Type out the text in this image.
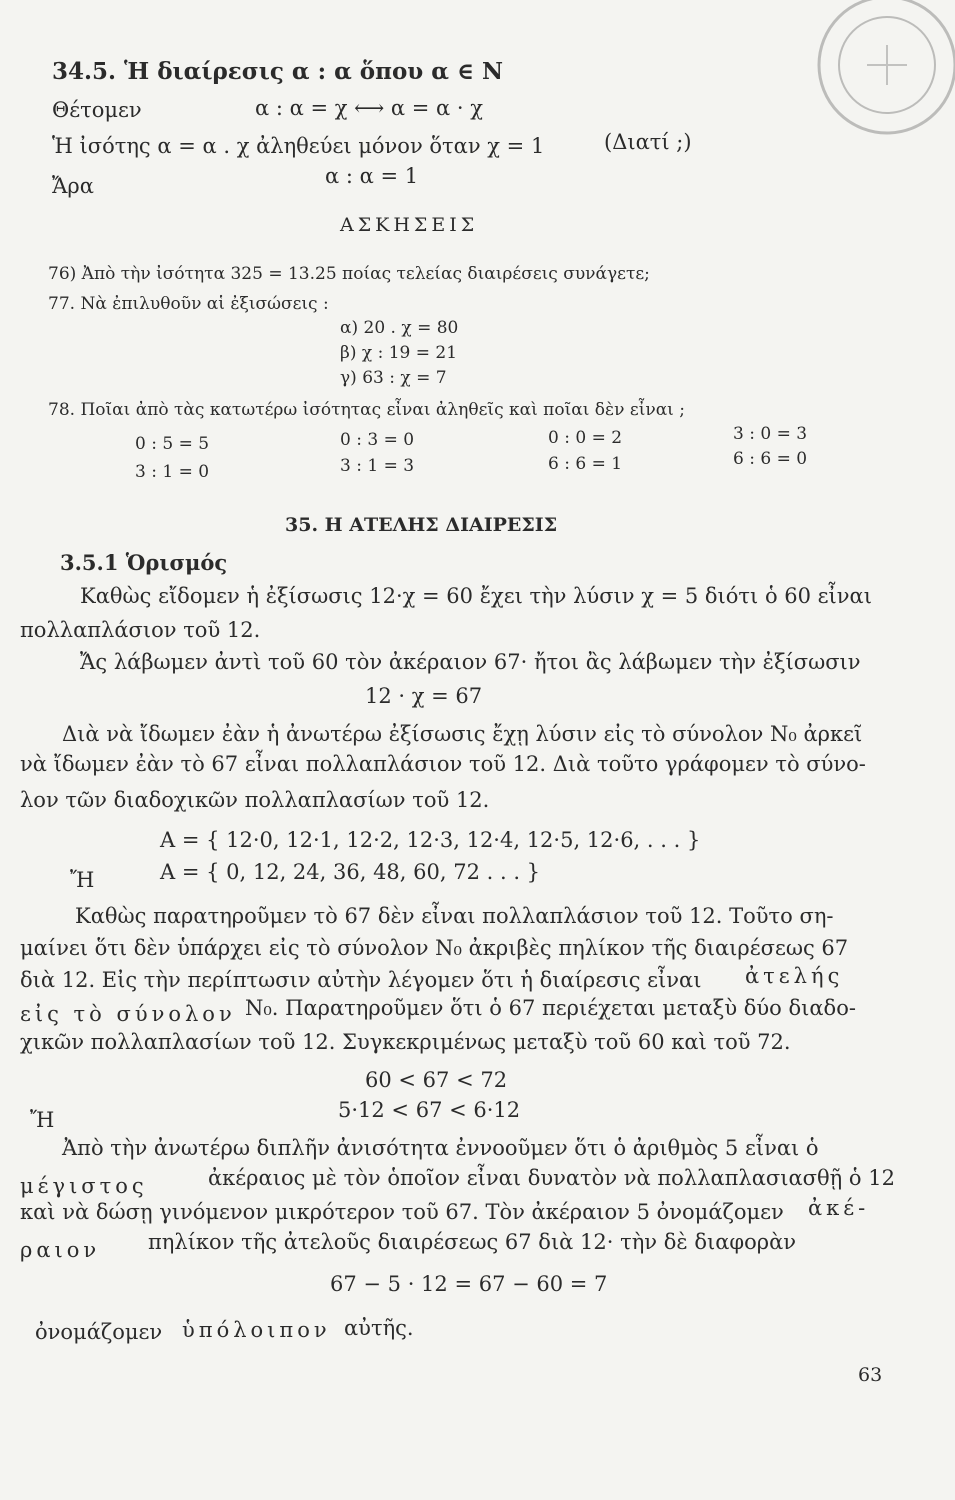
34.5. Ἡ διαίρεσις α : α ὅπου α ∈ N
Θέτομεν	α : α = χ ⟷ α = α · χ
Ἡ ἰσότης α = α . χ ἀληθεύει μόνον ὅταν χ = 1	(Διατί ;)
Ἄρα	α : α = 1
ΑΣΚΗΣΕΙΣ
76) Ἀπὸ τὴν ἰσότητα 325 = 13.25 ποίας τελείας διαιρέσεις συνάγετε;
77. Νὰ ἐπιλυθοῦν αἱ ἐξισώσεις :
α) 20 . χ = 80
β) χ : 19 = 21
γ) 63 : χ = 7
78. Ποῖαι ἀπὸ τὰς κατωτέρω ἰσότητας εἶναι ἀληθεῖς καὶ ποῖαι δὲν εἶναι ;
0 : 5 = 5	0 : 3 = 0	0 : 0 = 2	3 : 0 = 3
3 : 1 = 0	3 : 1 = 3	6 : 6 = 1	6 : 6 = 0
35. Η ΑΤΕΛΗΣ ΔΙΑΙΡΕΣΙΣ
3.5.1 Ὁρισμός
Καθὼς εἴδομεν ἡ ἐξίσωσις 12·χ = 60 ἔχει τὴν λύσιν χ = 5 διότι ὁ 60 εἶναι
πολλαπλάσιον τοῦ 12.
Ἄς λάβωμεν ἀντὶ τοῦ 60 τὸν ἀκέραιον 67· ἤτοι ἂς λάβωμεν τὴν ἐξίσωσιν
12 · χ = 67
Διὰ νὰ ἴδωμεν ἐὰν ἡ ἀνωτέρω ἐξίσωσις ἔχῃ λύσιν εἰς τὸ σύνολον N₀ ἀρκεῖ
νὰ ἴδωμεν ἐὰν τὸ 67 εἶναι πολλαπλάσιον τοῦ 12. Διὰ τοῦτο γράφομεν τὸ σύνο-
λον τῶν διαδοχικῶν πολλαπλασίων τοῦ 12.
A = { 12·0, 12·1, 12·2, 12·3, 12·4, 12·5, 12·6, . . . }
Ἤ	A = { 0, 12, 24, 36, 48, 60, 72 . . . }
Καθὼς παρατηροῦμεν τὸ 67 δὲν εἶναι πολλαπλάσιον τοῦ 12. Τοῦτο ση-
μαίνει ὅτι δὲν ὑπάρχει εἰς τὸ σύνολον N₀ ἀκριβὲς πηλίκον τῆς διαιρέσεως 67
διὰ 12. Εἰς τὴν περίπτωσιν αὐτὴν λέγομεν ὅτι ἡ διαίρεσις εἶναι ἀτελής
εἰς τὸ σύνολον N₀. Παρατηροῦμεν ὅτι ὁ 67 περιέχεται μεταξὺ δύο διαδο-
χικῶν πολλαπλασίων τοῦ 12. Συγκεκριμένως μεταξὺ τοῦ 60 καὶ τοῦ 72.
60 < 67 < 72
Ἤ	5·12 < 67 < 6·12
Ἀπὸ τὴν ἀνωτέρω διπλῆν ἀνισότητα ἐννοοῦμεν ὅτι ὁ ἀριθμὸς 5 εἶναι ὁ
μέγιστος	ἀκέραιος μὲ τὸν ὁποῖον εἶναι δυνατὸν νὰ πολλαπλασιασθῇ ὁ 12
καὶ νὰ δώσῃ γινόμενον μικρότερον τοῦ 67. Τὸν ἀκέραιον 5 ὀνομάζομεν ἀκέ-
ραιον πηλίκον τῆς ἀτελοῦς διαιρέσεως 67 διὰ 12· τὴν δὲ διαφορὰν
67 − 5 · 12 = 67 − 60 = 7
ὀνομάζομεν ὑπόλοιπον αὐτῆς.
63
